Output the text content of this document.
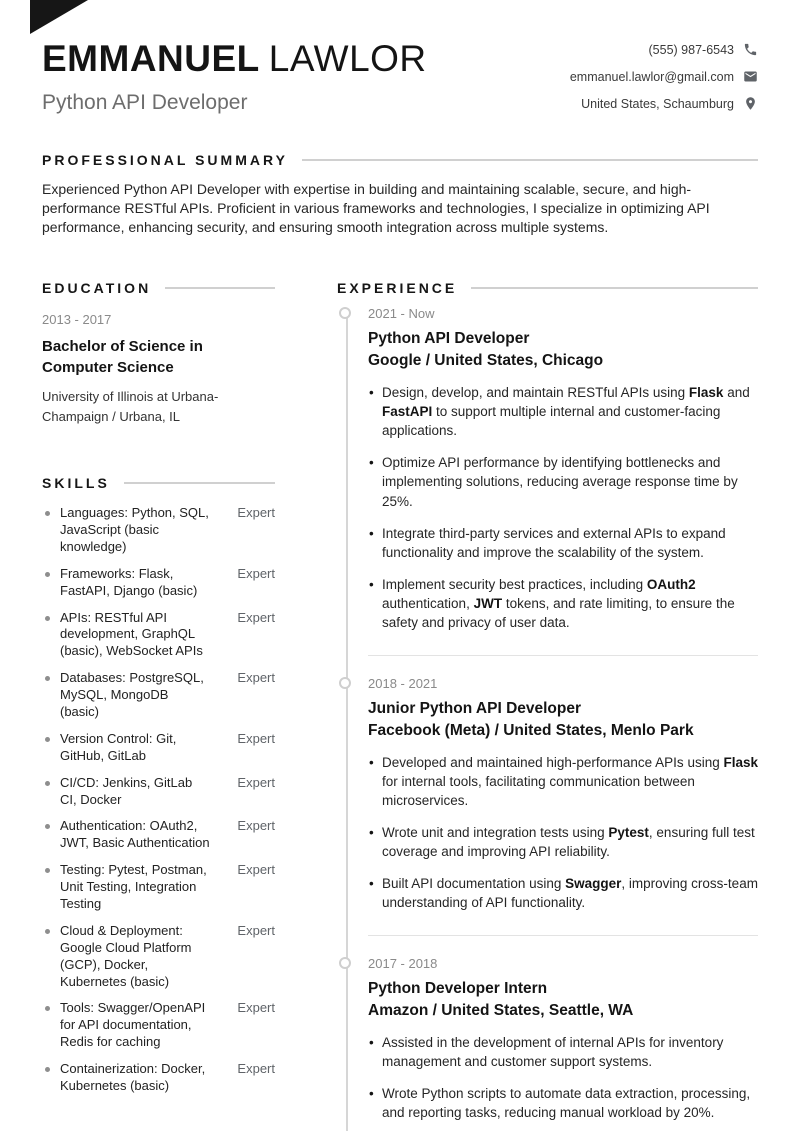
EMMANUEL LAWLOR
Python API Developer
(555) 987-6543
emmanuel.lawlor@gmail.com
United States, Schaumburg
PROFESSIONAL SUMMARY

Experienced Python API Developer with expertise in building and maintaining scalable, secure, and high-performance RESTful APIs. Proficient in various frameworks and technologies, I specialize in optimizing API performance, enhancing security, and ensuring smooth integration across multiple systems.

EDUCATION
2013 - 2017
Bachelor of Science in Computer Science
University of Illinois at Urbana-Champaign / Urbana, IL
SKILLS
Languages: Python, SQL, JavaScript (basic knowledge)
Expert
Frameworks: Flask, FastAPI, Django (basic)
Expert
APIs: RESTful API development, GraphQL (basic), WebSocket APIs
Expert
Databases: PostgreSQL, MySQL, MongoDB (basic)
Expert
Version Control: Git, GitHub, GitLab
Expert
CI/CD: Jenkins, GitLab CI, Docker
Expert
Authentication: OAuth2, JWT, Basic Authentication
Expert
Testing: Pytest, Postman, Unit Testing, Integration Testing
Expert
Cloud & Deployment: Google Cloud Platform (GCP), Docker, Kubernetes (basic)
Expert
Tools: Swagger/OpenAPI for API documentation, Redis for caching
Expert
Containerization: Docker, Kubernetes (basic)
Expert
EXPERIENCE
2021 - Now
Python API Developer
Google / United States, Chicago
• Design, develop, and maintain RESTful APIs using Flask and FastAPI to support multiple internal and customer-facing applications.
• Optimize API performance by identifying bottlenecks and implementing solutions, reducing average response time by 25%.
• Integrate third-party services and external APIs to expand functionality and improve the scalability of the system.
• Implement security best practices, including OAuth2 authentication, JWT tokens, and rate limiting, to ensure the safety and privacy of user data.
2018 - 2021
Junior Python API Developer
Facebook (Meta) / United States, Menlo Park
• Developed and maintained high-performance APIs using Flask for internal tools, facilitating communication between microservices.
• Wrote unit and integration tests using Pytest, ensuring full test coverage and improving API reliability.
• Built API documentation using Swagger, improving cross-team understanding of API functionality.
2017 - 2018
Python Developer Intern
Amazon / United States, Seattle, WA
• Assisted in the development of internal APIs for inventory management and customer support systems.
• Wrote Python scripts to automate data extraction, processing, and reporting tasks, reducing manual workload by 20%.
